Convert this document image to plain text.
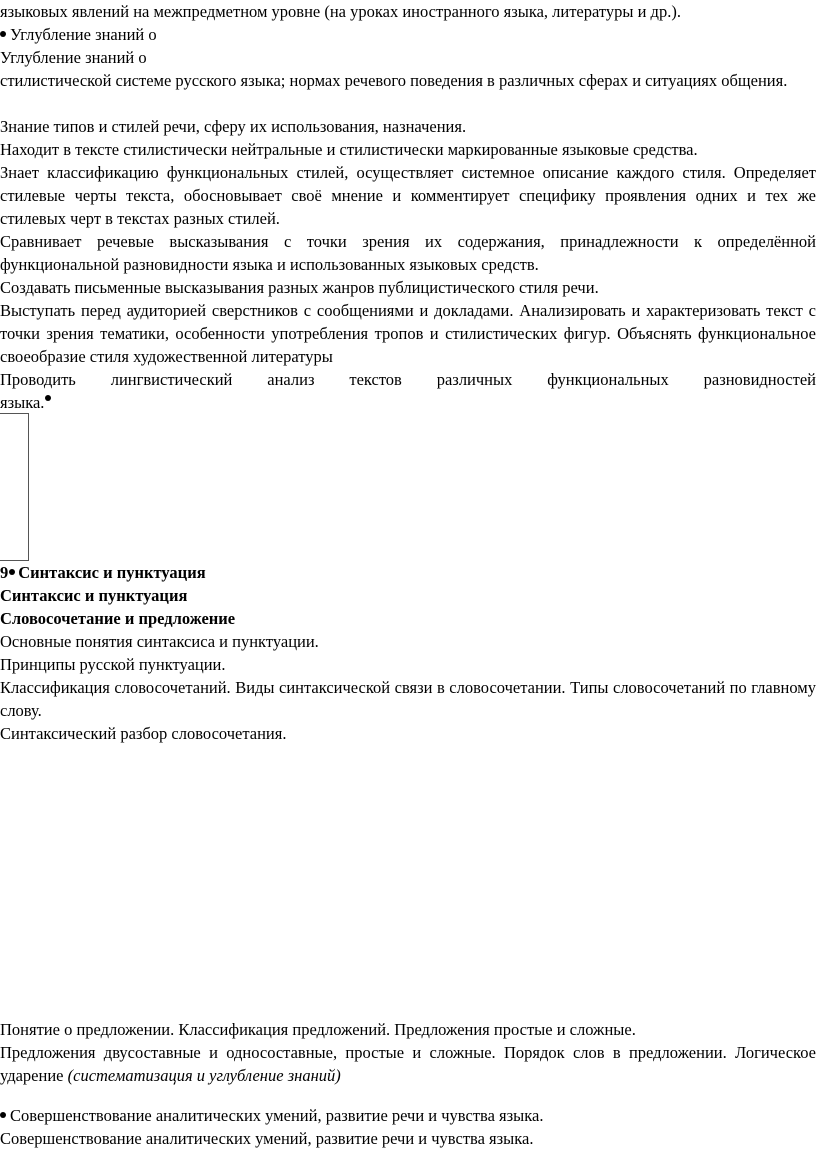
языковых явлений на межпредметном уровне (на уроках иностранного языка, литературы и др.).
Углубление знаний о
Углубление знаний о
стилистической системе русского языка; нормах речевого поведения в различных сферах и ситуациях общения.
Знание типов и стилей речи, сферу их использования, назначения.
Находит в тексте стилистически нейтральные и стилистически маркированные языковые средства.
Знает классификацию функциональных стилей, осуществляет системное описание каждого стиля. Определяет стилевые черты текста, обосновывает своё мнение и комментирует специфику проявления одних и тех же стилевых черт в текстах разных стилей.
Сравнивает речевые высказывания с точки зрения их содержания, принадлежности к определённой функциональной разновидности языка и использованных языковых средств.
Создавать письменные высказывания разных жанров публицистического стиля речи.
Выступать перед аудиторией сверстников с сообщениями и докладами. Анализировать и характеризовать текст с точки зрения тематики, особенности употребления тропов и стилистических фигур. Объяснять функциональное своеобразие стиля художественной литературы
Проводить лингвистический анализ текстов различных функциональных разновидностей
языка.
9 Синтаксис и пунктуация
Синтаксис и пунктуация
Словосочетание и предложение
Основные понятия синтаксиса и пунктуации.
Принципы русской пунктуации.
Классификация словосочетаний. Виды синтаксической связи в словосочетании. Типы словосочетаний по главному слову.
Синтаксический разбор словосочетания.
Понятие о предложении. Классификация предложений. Предложения простые и сложные.
Предложения двусоставные и односоставные, простые и сложные. Порядок слов в предложении. Логическое ударение (систематизация и углубление знаний)
Совершенствование аналитических умений, развитие речи и чувства языка.
Совершенствование аналитических умений, развитие речи и чувства языка.
